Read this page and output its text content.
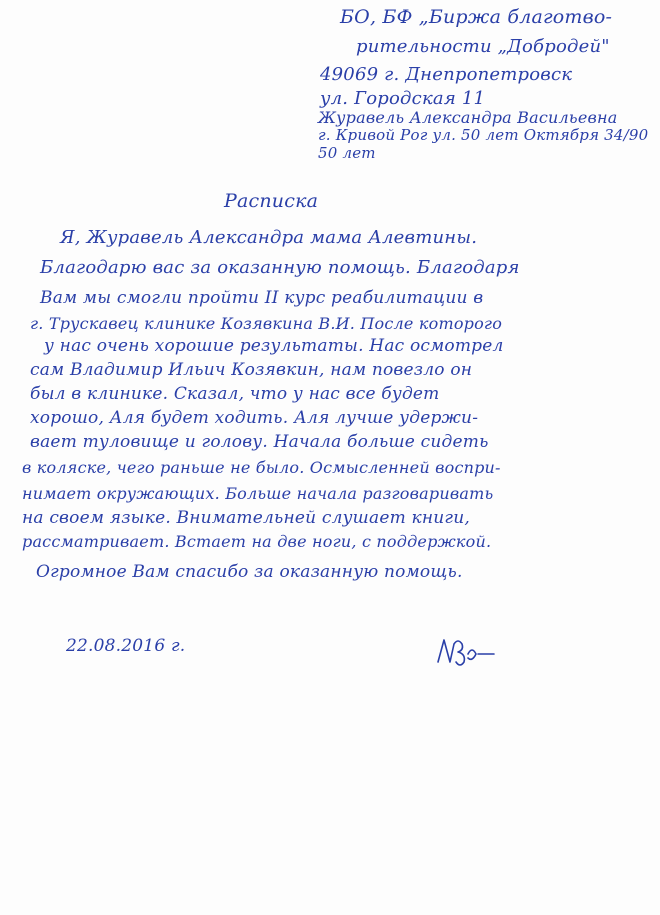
БО, БФ „Биржа благотво-
рительности „Добродей"
49069 г. Днепропетровск
ул. Городская 11
Журавель Александра Васильевна
г. Кривой Рог ул. 50 лет Октября 34/90
50 лет
Расписка
Я, Журавель Александра мама Алевтины.
Благодарю вас за оказанную помощь. Благодаря
Вам мы смогли пройти II курс реабилитации в
г. Трускавец клинике Козявкина В.И. После которого
у нас очень хорошие результаты. Нас осмотрел
сам Владимир Ильич Козявкин, нам повезло он
был в клинике. Сказал, что у нас все будет
хорошо, Аля будет ходить. Аля лучше удержи-
вает туловище и голову. Начала больше сидеть
в коляске, чего раньше не было. Осмысленней воспри-
нимает окружающих. Больше начала разговаривать
на своем языке. Внимательней слушает книги,
рассматривает. Встает на две ноги, с поддержкой.
Огромное Вам спасибо за оказанную помощь.
22.08.2016 г.
